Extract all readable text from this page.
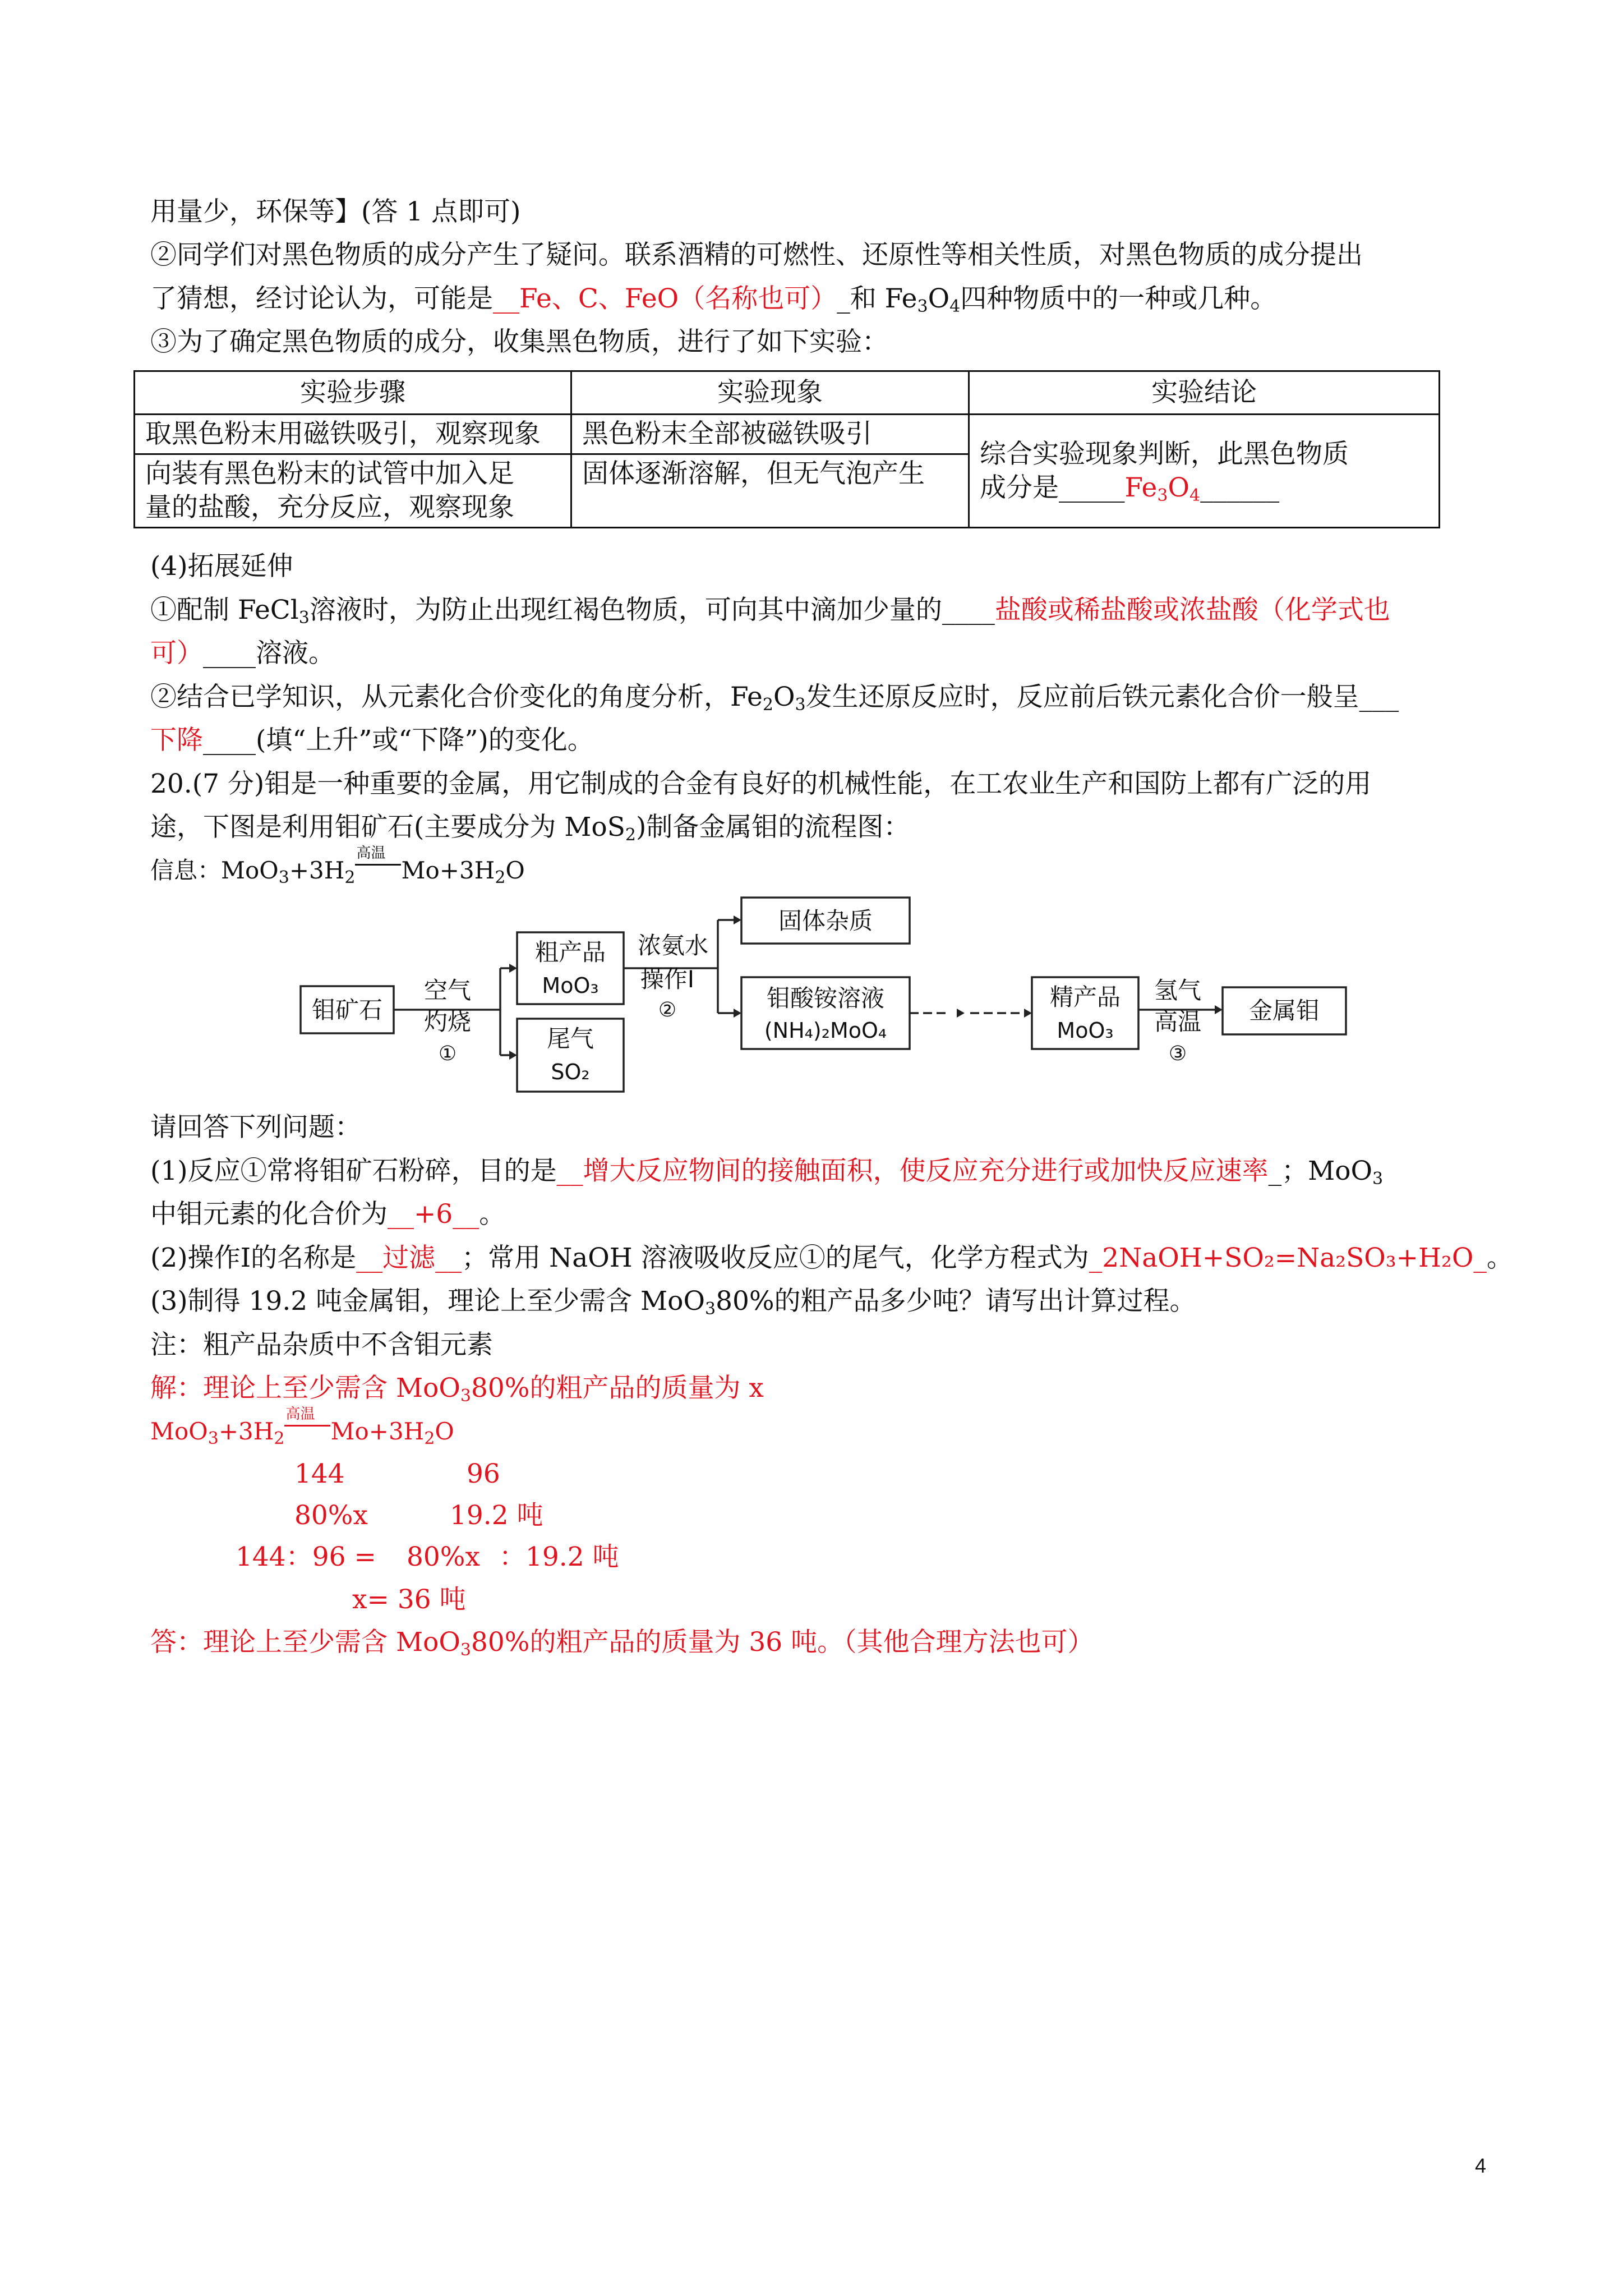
用量少，环保等】(答 1 点即可)
②同学们对黑色物质的成分产生了疑问。联系酒精的可燃性、还原性等相关性质，对黑色物质的成分提出
了猜想，经讨论认为，可能是__Fe、C、FeO（名称也可）_和 $Fe_3O_4$四种物质中的一种或几种。
③为了确定黑色物质的成分，收集黑色物质，进行了如下实验：
实验步骤	实验现象	实验结论
取黑色粉末用磁铁吸引，观察现象	黑色粉末全部被磁铁吸引	综合实验现象判断，此黑色物质
成分是$\_\_\_\_\_Fe_3O_4\_\_\_\_\_\_$

向装有黑色粉末的试管中加入足
量的盐酸，充分反应，观察现象	固体逐渐溶解，但无气泡产生	
(4)拓展延伸
①配制 FeCl$_3$溶液时，为防止出现红褐色物质，可向其中滴加少量的____盐酸或稀盐酸或浓盐酸（化学式也
可）____溶液。
②结合已学知识，从元素化合价变化的角度分析，$Fe_2O_3$发生还原反应时，反应前后铁元素化合价一般呈___
下降____(填“上升”或“下降”)的变化。
20.(7 分)钼是一种重要的金属，用它制成的合金有良好的机械性能，在工农业生产和国防上都有广泛的用
途，下图是利用钼矿石(主要成分为 MoS$_2$)制备金属钼的流程图：
信息：$MoO_3+3H_2$
高温
$Mo+3H_2O$
钼矿石
空气
灼烧
①
粗产品
MoO₃
尾气
SO₂
浓氨水
操作Ⅰ
②
固体杂质
钼酸铵溶液
(NH₄)₂MoO₄
精产品
MoO₃
氢气
高温
③
金属钼
请回答下列问题：
(1)反应①常将钼矿石粉碎，目的是__增大反应物间的接触面积，使反应充分进行或加快反应速率_；MoO$_3$
中钼元素的化合价为__+6__。
(2)操作Ⅰ的名称是__过滤__；常用 NaOH 溶液吸收反应①的尾气，化学方程式为_2NaOH+SO₂=Na₂SO₃+H₂O_。
(3)制得 19.2 吨金属钼，理论上至少需含 MoO$_3$80%的粗产品多少吨？请写出计算过程。
注：粗产品杂质中不含钼元素
解：理论上至少需含 MoO$_3$80%的粗产品的质量为 x
$MoO_3+3H_2$
高温
$Mo+3H_2O$
144	96
80%x	19.2 吨
144：96 = 80%x ：19.2 吨
x= 36 吨
答：理论上至少需含 MoO$_3$80%的粗产品的质量为 36 吨。（其他合理方法也可）
4
